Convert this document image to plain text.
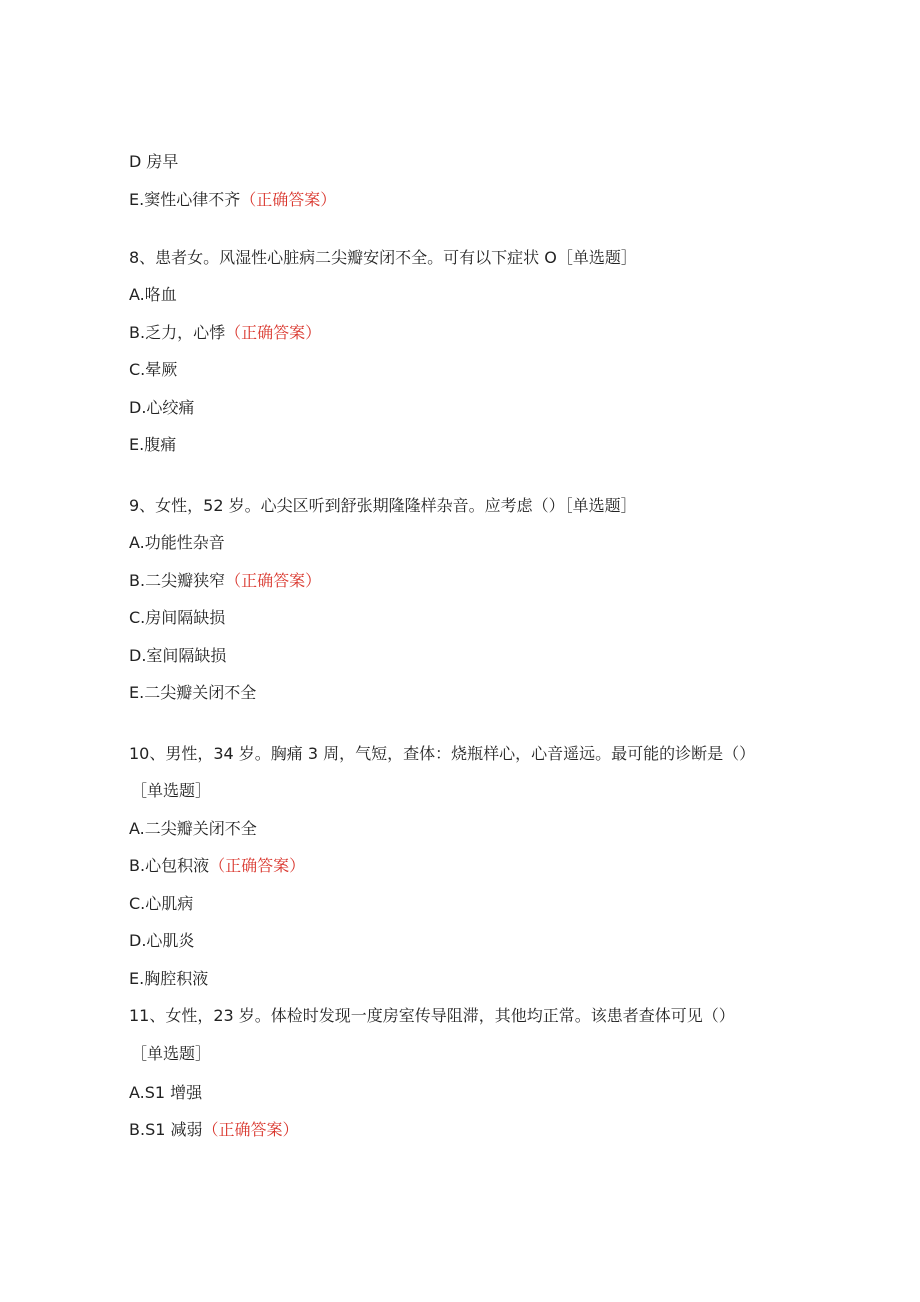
D 房早
E.窦性心律不齐（正确答案）
8、患者女。风湿性心脏病二尖瓣安闭不全。可有以下症状 O［单选题］
A.咯血
B.乏力，心悸（正确答案）
C.晕厥
D.心绞痛
E.腹痛
9、女性，52 岁。心尖区听到舒张期隆隆样杂音。应考虑（）［单选题］
A.功能性杂音
B.二尖瓣狭窄（正确答案）
C.房间隔缺损
D.室间隔缺损
E.二尖瓣关闭不全
10、男性，34 岁。胸痛 3 周，气短，查体：烧瓶样心，心音遥远。最可能的诊断是（）
［单选题］
A.二尖瓣关闭不全
B.心包积液（正确答案）
C.心肌病
D.心肌炎
E.胸腔积液
11、女性，23 岁。体检时发现一度房室传导阻滞，其他均正常。该患者查体可见（）
［单选题］
A.S1 增强
B.S1 减弱（正确答案）
